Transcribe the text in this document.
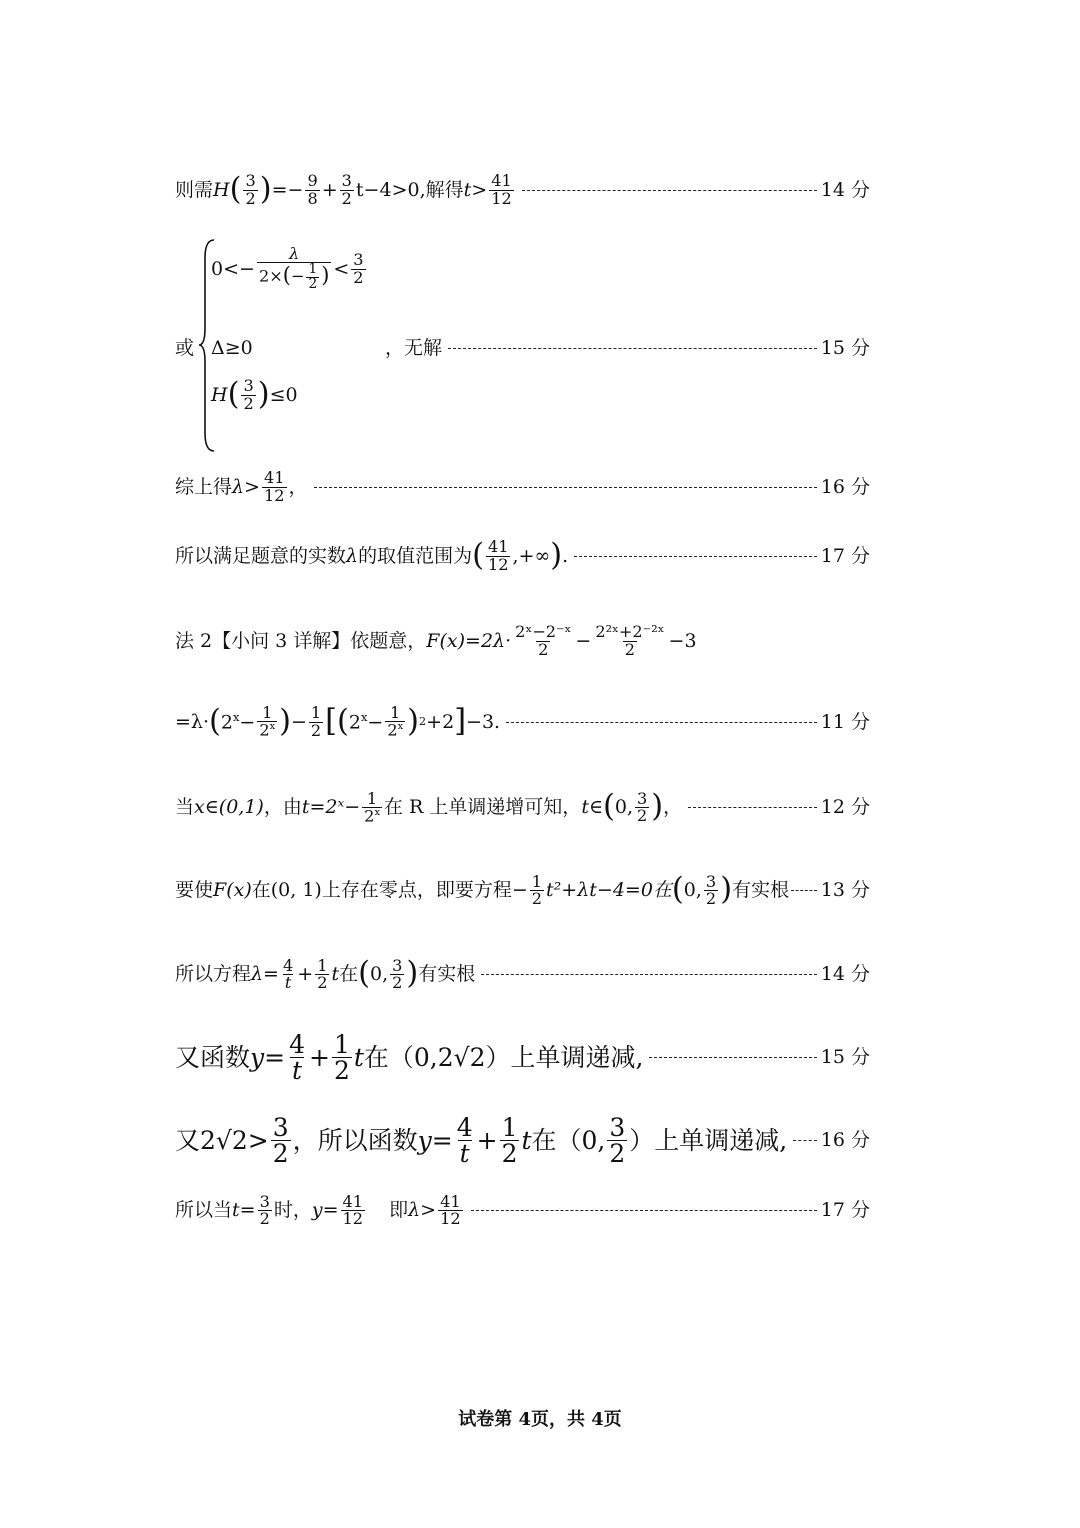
则需 H ( $\frac{3}{2}$ ) =− $\frac{9}{8} + \frac{3}{2} t-4>0$,解得 $t> \frac{41}{12}$	14 分
或
$0<- \frac{\lambda}{2\times(- \frac{1}{2} )} < \frac{3}{2}$
Δ≥0
H ( $\frac{3}{2}$ ) ≤0
，无解	15 分
综上得 $\lambda> \frac{41}{12}$ ，	16 分
所以满足题意的实数 λ 的取值范围为 ( $\frac{41}{12}$ ,+∞ ) .	17 分
法 2【小问 3 详解】依题意， $F(x)=2\lambda\cdot \frac{\text{2ˣ−2⁻ˣ}}{2} - \frac{\text{2²ˣ+2⁻²ˣ}}{2} -3$
=λ· ( $2^x- \frac{1}{2^x}$ ) − $\frac{1}{2}$ [ ( $2^x- \frac{1}{2^x}$ ) 2 +2 ] −3.	11 分
当 x∈(0,1) ，由 t=2ˣ− $\frac{1}{2^x}$ 在 R 上单调递增可知， t∈ ( 0, $\frac{3}{2}$ ) ，	12 分
要使 F(x) 在(0, 1)上存在零点，即要方程− $\frac{1}{2} t^2+\lambda t-4=0$在 ( 0, $\frac{3}{2}$ ) 有实根 13 分
所以方程 $\lambda= \frac{4}{t} + \frac{1}{2}$ t 在 ( 0, $\frac{3}{2}$ ) 有实根	14 分
又函数 $y= \frac{4}{t} + \frac{1}{2}$ t 在（0,2√2）上单调递减,	15 分
又$2√2> \frac{3}{2}$ ，所以函数 $y= \frac{4}{t} + \frac{1}{2}$ t 在（0, $\frac{3}{2}$ ）上单调递减, 16 分
所以当 $t= \frac{3}{2}$ 时， $y= \frac{41}{12}$ 即 $\lambda> \frac{41}{12}$	17 分
试卷第 4页，共 4页
